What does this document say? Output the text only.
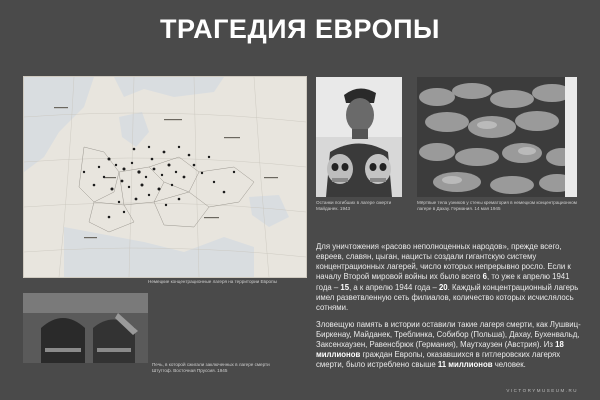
ТРАГЕДИЯ ЕВРОПЫ
Немецкие концентрационные лагеря на территории Европы
Останки погибших в лагере смерти Майданек. 1943
Мёртвые тела узников у стены крематория в немецком концентрационном лагере в Дахау. Германия. 14 мая 1945
Печь, в которой сжигали заключенных в лагере смерти Штутгоф. Восточная Пруссия. 1945

Для уничтожения «расово неполноценных народов», прежде всего, евреев, славян, цыган, нацисты создали гигантскую систему концентрационных лагерей, число которых непрерывно росло. Если к началу Второй мировой войны их было всего 6, то уже к апрелю 1941 года – 15, а к апрелю 1944 года – 20. Каждый концентрационный лагерь имел разветвленную сеть филиалов, количество которых исчислялось сотнями.

Зловещую память в истории оставили такие лагеря смерти, как Лушвиц-Биркенау, Майданек, Треблинка, Собибор (Польша), Дахау, Бухенвальд, Заксенхаузен, Равенсбрюк (Германия), Маутхаузен (Австрия). Из 18 миллионов граждан Европы, оказавшихся в гитлеровских лагерях смерти, было истреблено свыше 11 миллионов человек.

VICTORYMUSEUM.RU
